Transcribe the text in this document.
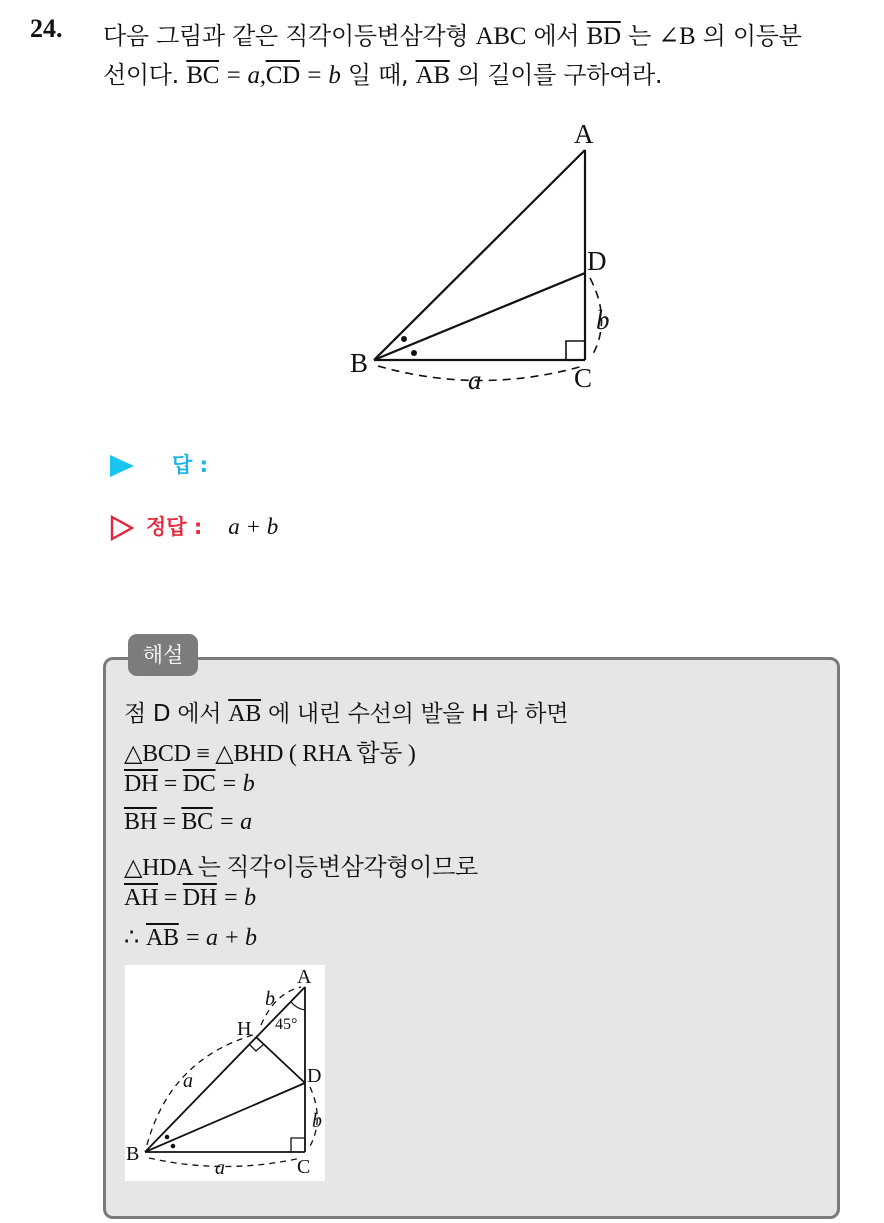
24. 다음 그림과 같은 직각이등변삼각형 ABC 에서 $\overline{BD}$ 는 ∠B 의 이등분
선이다. $\overline{BC} = a,\overline{CD} = b$ 일 때, $\overline{AB}$ 의 길이를 구하여라.
A
B	C
D
a
b
답 :
정답 : a + b
해설
점 D 에서 $\overline{AB}$ 에 내린 수선의 발을 H 라 하면
△BCD ≡ △BHD ( RHA 합동 )
$\overline{DH} = \overline{DC} = b$
$\overline{BH} = \overline{BC} = a$
△HDA 는 직각이등변삼각형이므로
$\overline{AH} = \overline{DH} = b$
∴ $\overline{AB} = a + b$
A
B
C
D
H
a
a
b
b
45°
